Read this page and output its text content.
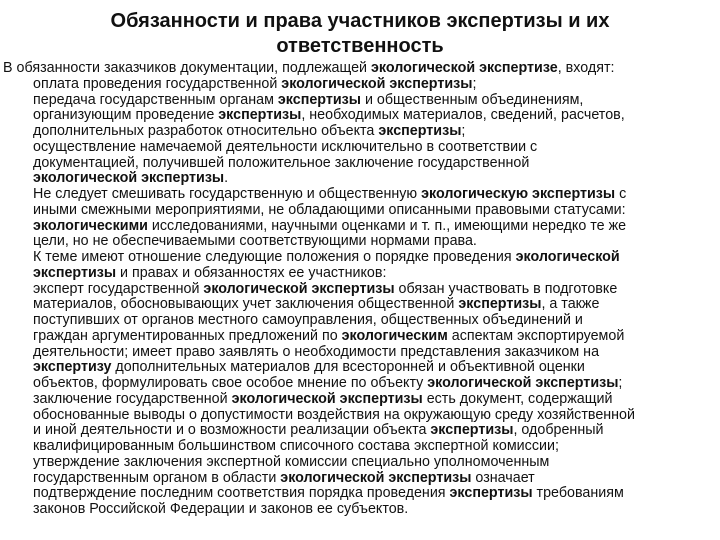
Обязанности и права участников экспертизы и их
ответственность
В обязанности заказчиков документации, подлежащей экологической экспертизе, входят:
оплата проведения государственной экологической экспертизы;
передача государственным органам экспертизы и общественным объединениям,
организующим проведение экспертизы, необходимых материалов, сведений, расчетов,
дополнительных разработок относительно объекта экспертизы;
осуществление намечаемой деятельности исключительно в соответствии с
документацией, получившей положительное заключение государственной
экологической экспертизы.
Не следует смешивать государственную и общественную экологическую экспертизы с
иными смежными мероприятиями, не обладающими описанными правовыми статусами:
экологическими исследованиями, научными оценками и т. п., имеющими нередко те же
цели, но не обеспечиваемыми соответствующими нормами права.
К теме имеют отношение следующие положения о порядке проведения экологической
экспертизы и правах и обязанностях ее участников:
эксперт государственной экологической экспертизы обязан участвовать в подготовке
материалов, обосновывающих учет заключения общественной экспертизы, а также
поступивших от органов местного самоуправления, общественных объединений и
граждан аргументированных предложений по экологическим аспектам экспортируемой
деятельности; имеет право заявлять о необходимости представления заказчиком на
экспертизу дополнительных материалов для всесторонней и объективной оценки
объектов, формулировать свое особое мнение по объекту экологической экспертизы;
заключение государственной экологической экспертизы есть документ, содержащий
обоснованные выводы о допустимости воздействия на окружающую среду хозяйственной
и иной деятельности и о возможности реализации объекта экспертизы, одобренный
квалифицированным большинством списочного состава экспертной комиссии;
утверждение заключения экспертной комиссии специально уполномоченным
государственным органом в области экологической экспертизы означает
подтверждение последним соответствия порядка проведения экспертизы требованиям
законов Российской Федерации и законов ее субъектов.
